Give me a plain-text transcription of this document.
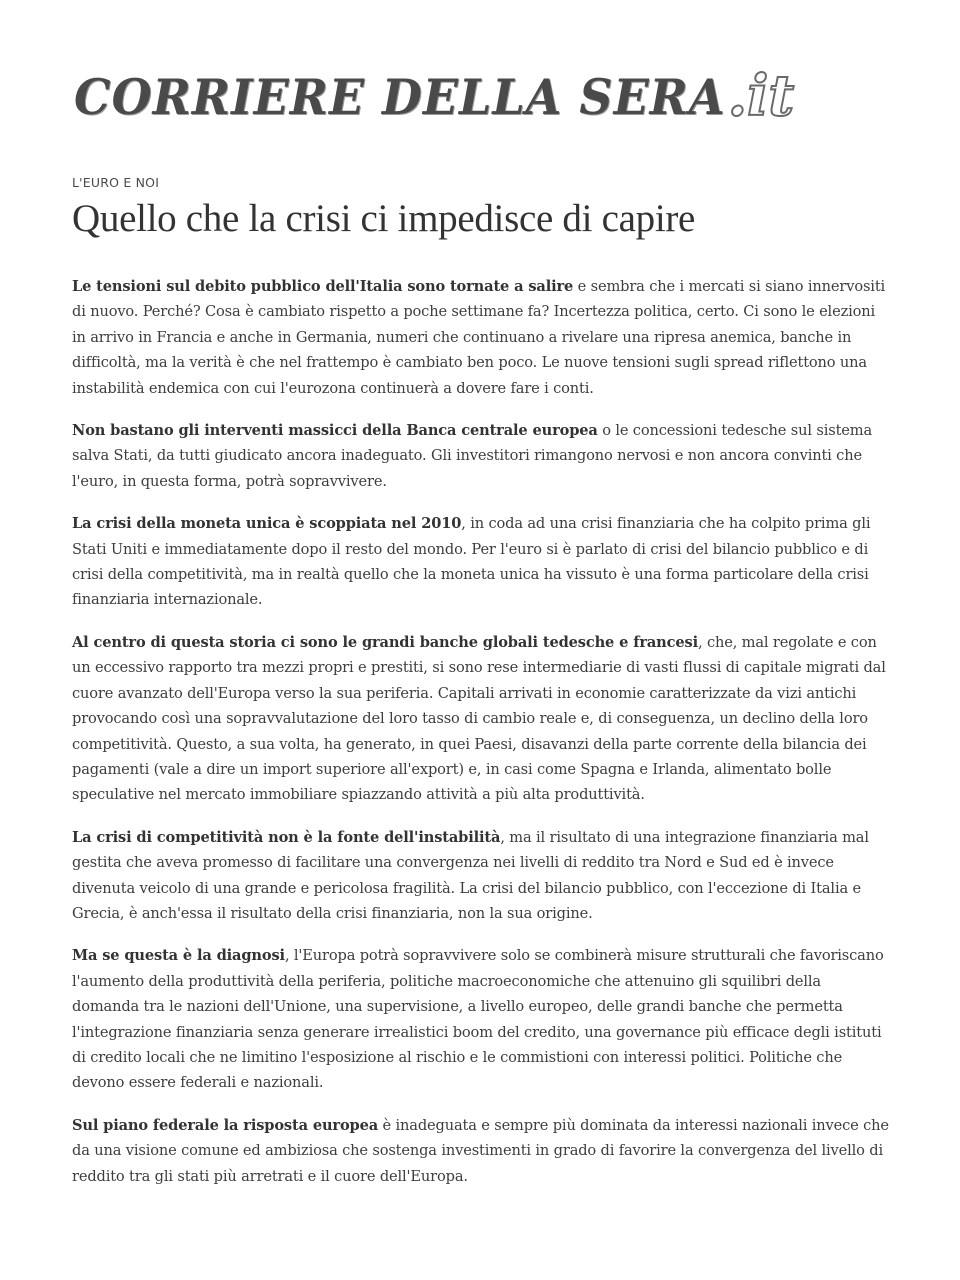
CORRIERE DELLA SERA .it
L'EURO E NOI
Quello che la crisi ci impedisce di capire

Le tensioni sul debito pubblico dell'Italia sono tornate a salire e sembra che i mercati si siano innervositi di nuovo. Perché? Cosa è cambiato rispetto a poche settimane fa? Incertezza politica, certo. Ci sono le elezioni in arrivo in Francia e anche in Germania, numeri che continuano a rivelare una ripresa anemica, banche in difficoltà, ma la verità è che nel frattempo è cambiato ben poco. Le nuove tensioni sugli spread riflettono una instabilità endemica con cui l'eurozona continuerà a dovere fare i conti.

Non bastano gli interventi massicci della Banca centrale europea o le concessioni tedesche sul sistema salva Stati, da tutti giudicato ancora inadeguato. Gli investitori rimangono nervosi e non ancora convinti che l'euro, in questa forma, potrà sopravvivere.

La crisi della moneta unica è scoppiata nel 2010, in coda ad una crisi finanziaria che ha colpito prima gli Stati Uniti e immediatamente dopo il resto del mondo. Per l'euro si è parlato di crisi del bilancio pubblico e di crisi della competitività, ma in realtà quello che la moneta unica ha vissuto è una forma particolare della crisi finanziaria internazionale.

Al centro di questa storia ci sono le grandi banche globali tedesche e francesi, che, mal regolate e con un eccessivo rapporto tra mezzi propri e prestiti, si sono rese intermediarie di vasti flussi di capitale migrati dal cuore avanzato dell'Europa verso la sua periferia. Capitali arrivati in economie caratterizzate da vizi antichi provocando così una sopravvalutazione del loro tasso di cambio reale e, di conseguenza, un declino della loro competitività. Questo, a sua volta, ha generato, in quei Paesi, disavanzi della parte corrente della bilancia dei pagamenti (vale a dire un import superiore all'export) e, in casi come Spagna e Irlanda, alimentato bolle speculative nel mercato immobiliare spiazzando attività a più alta produttività.

La crisi di competitività non è la fonte dell'instabilità, ma il risultato di una integrazione finanziaria mal gestita che aveva promesso di facilitare una convergenza nei livelli di reddito tra Nord e Sud ed è invece divenuta veicolo di una grande e pericolosa fragilità. La crisi del bilancio pubblico, con l'eccezione di Italia e Grecia, è anch'essa il risultato della crisi finanziaria, non la sua origine.

Ma se questa è la diagnosi, l'Europa potrà sopravvivere solo se combinerà misure strutturali che favoriscano l'aumento della produttività della periferia, politiche macroeconomiche che attenuino gli squilibri della domanda tra le nazioni dell'Unione, una supervisione, a livello europeo, delle grandi banche che permetta l'integrazione finanziaria senza generare irrealistici boom del credito, una governance più efficace degli istituti di credito locali che ne limitino l'esposizione al rischio e le commistioni con interessi politici. Politiche che devono essere federali e nazionali.

Sul piano federale la risposta europea è inadeguata e sempre più dominata da interessi nazionali invece che da una visione comune ed ambiziosa che sostenga investimenti in grado di favorire la convergenza del livello di reddito tra gli stati più arretrati e il cuore dell'Europa.
